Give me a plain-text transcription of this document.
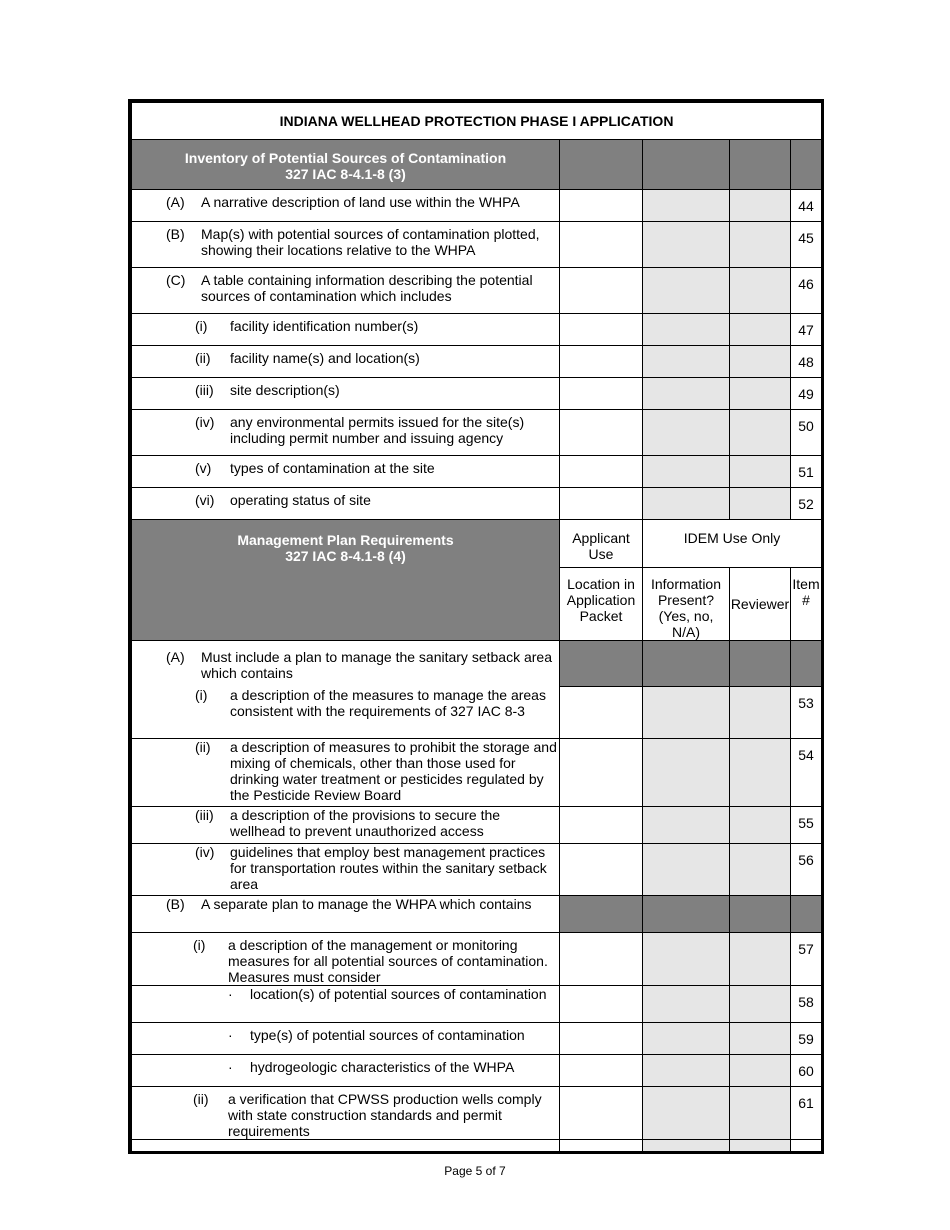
INDIANA WELLHEAD PROTECTION PHASE I APPLICATION				

Inventory of Potential Sources of Contamination
327 IAC 8-4.1-8 (3)				

(A) A narrative description of land use within the WHPA				44

(B) Map(s) with potential sources of contamination plotted, showing their locations relative to the WHPA				45

(C) A table containing information describing the potential sources of contamination which includes				46

(i) facility identification number(s)				47

(ii) facility name(s) and location(s)				48

(iii) site description(s)				49

(iv) any environmental permits issued for the site(s) including permit number and issuing agency				50

(v) types of contamination at the site				51

(vi) operating status of site				52

Management Plan Requirements
327 IAC 8-4.1-8 (4)	Applicant Use	IDEM Use Only		
	Location in Application Packet	Information Present? (Yes, no, N/A)	Reviewer	Item #

(A) Must include a plan to manage the sanitary setback area which contains				

(i) a description of the measures to manage the areas consistent with the requirements of 327 IAC 8-3				53

(ii) a description of measures to prohibit the storage and mixing of chemicals, other than those used for drinking water treatment or pesticides regulated by the Pesticide Review Board				54

(iii) a description of the provisions to secure the wellhead to prevent unauthorized access				55

(iv) guidelines that employ best management practices for transportation routes within the sanitary setback area				56

(B) A separate plan to manage the WHPA which contains				

(i) a description of the management or monitoring measures for all potential sources of contamination. Measures must consider				57

· location(s) of potential sources of contamination				58

· type(s) of potential sources of contamination				59

· hydrogeologic characteristics of the WHPA				60

(ii) a verification that CPWSS production wells comply with state construction standards and permit requirements				61

Page 5 of 7
